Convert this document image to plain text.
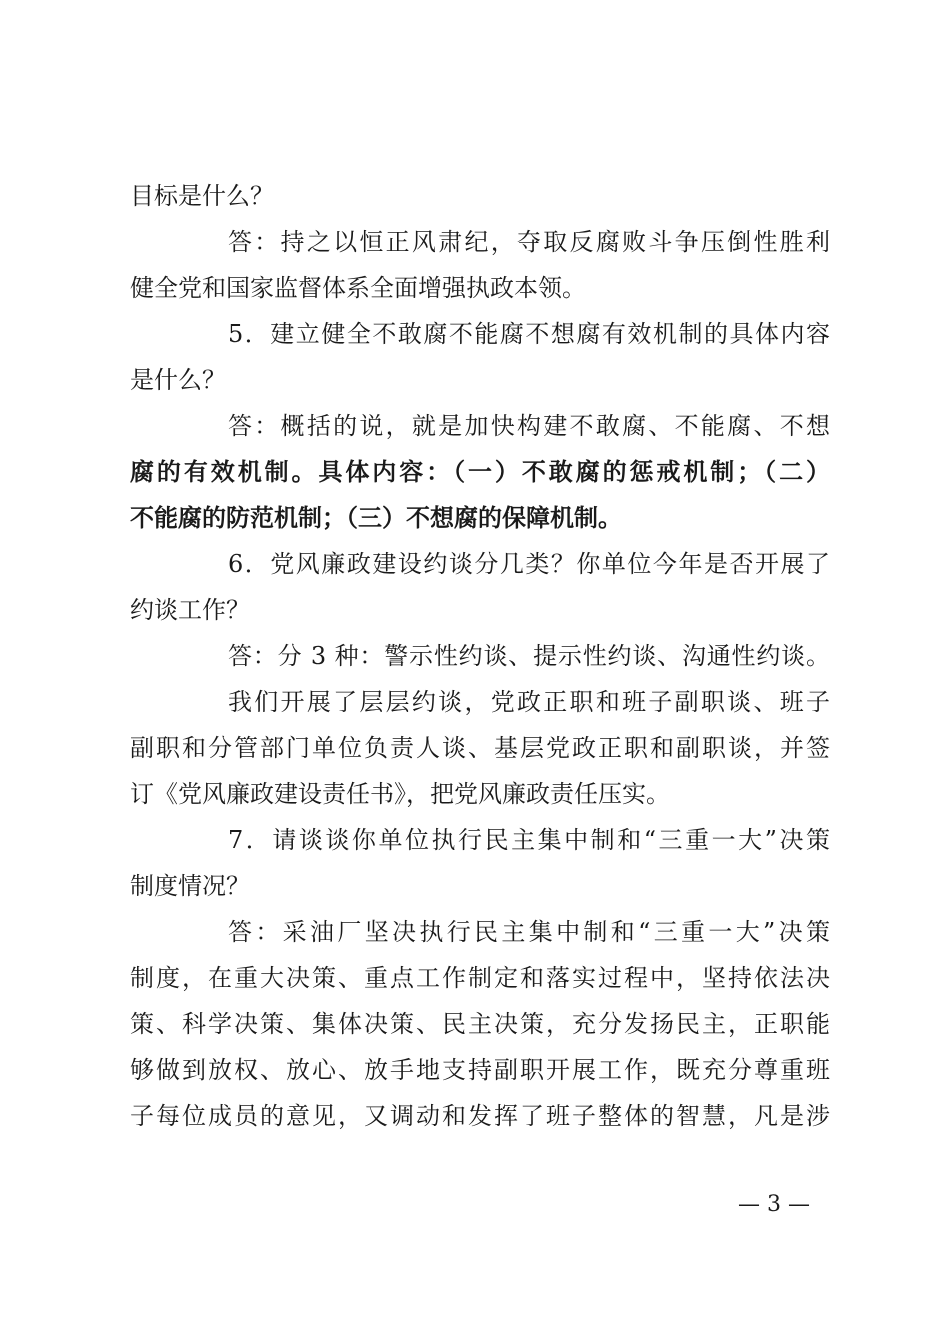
目标是什么？
答：持之以恒正风肃纪，夺取反腐败斗争压倒性胜利
健全党和国家监督体系全面增强执政本领。
5．建立健全不敢腐不能腐不想腐有效机制的具体内容
是什么？
答：概括的说，就是加快构建不敢腐、不能腐、不想
腐的有效机制。具体内容：（一）不敢腐的惩戒机制；（二）
不能腐的防范机制；（三）不想腐的保障机制。
6．党风廉政建设约谈分几类？你单位今年是否开展了
约谈工作？
答：分 3 种：警示性约谈、提示性约谈、沟通性约谈。
我们开展了层层约谈，党政正职和班子副职谈、班子
副职和分管部门单位负责人谈、基层党政正职和副职谈，并签
订《党风廉政建设责任书》，把党风廉政责任压实。
7．请谈谈你单位执行民主集中制和“三重一大”决策
制度情况？
答：采油厂坚决执行民主集中制和“三重一大”决策
制度，在重大决策、重点工作制定和落实过程中，坚持依法决
策、科学决策、集体决策、民主决策，充分发扬民主，正职能
够做到放权、放心、放手地支持副职开展工作，既充分尊重班
子每位成员的意见，又调动和发挥了班子整体的智慧，凡是涉
— 3 —
